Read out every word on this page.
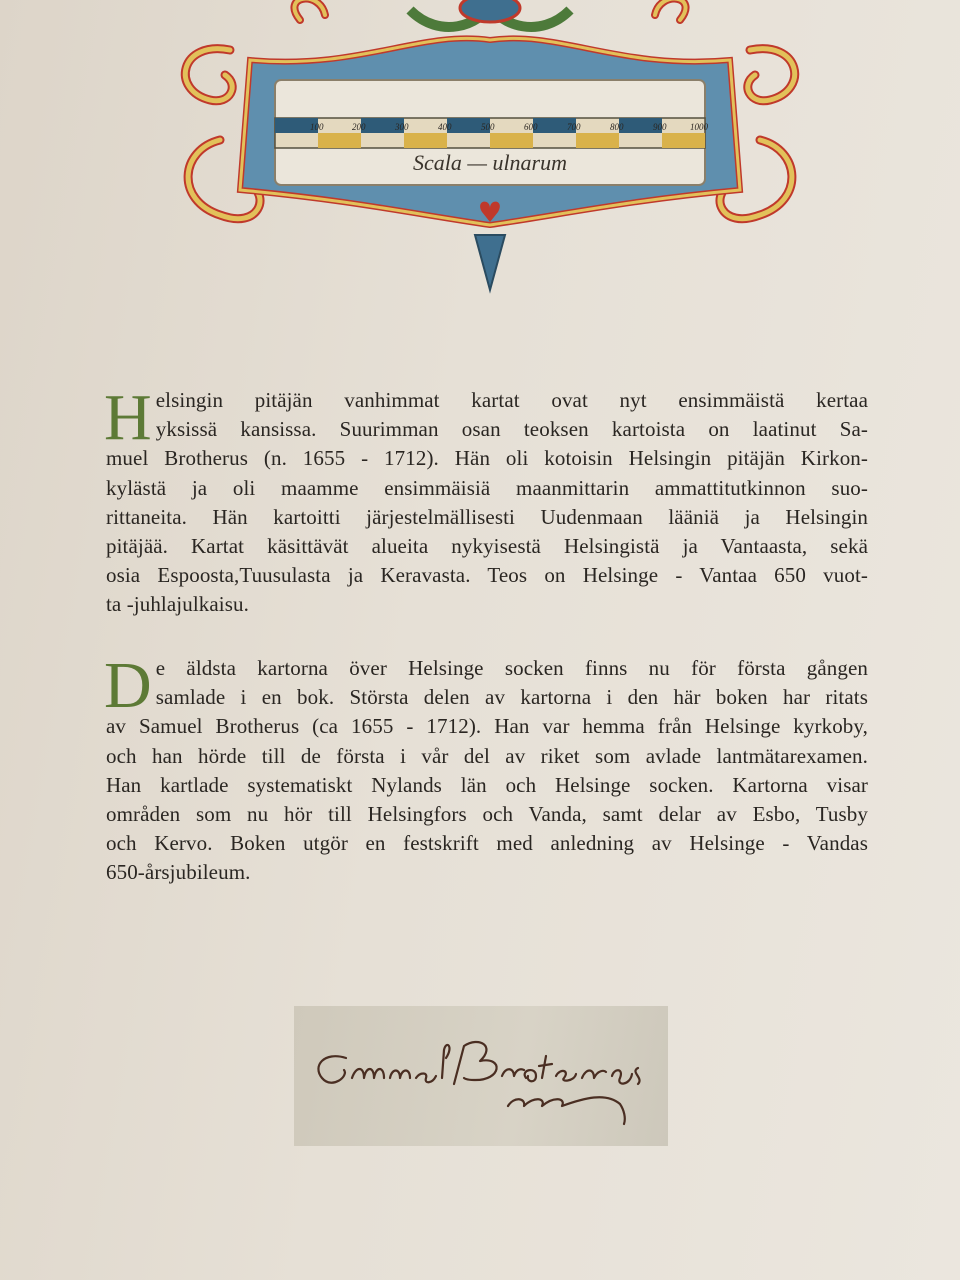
100	200	300	400	500	600	700	800	900	1000
Scala — ulnarum

H elsingin pitäjän vanhimmat kartat ovat nyt ensimmäistä kertaa
yksissä kansissa. Suurimman osan teoksen kartoista on laatinut Sa-
muel Brotherus (n. 1655 - 1712). Hän oli kotoisin Helsingin pitäjän Kirkon-
kylästä ja oli maamme ensimmäisiä maanmittarin ammattitutkinnon suo-
rittaneita. Hän kartoitti järjestelmällisesti Uudenmaan lääniä ja Helsingin
pitäjää. Kartat käsittävät alueita nykyisestä Helsingistä ja Vantaasta, sekä
osia Espoosta,Tuusulasta ja Keravasta. Teos on Helsinge - Vantaa 650 vuot-
ta -juhlajulkaisu.

D e äldsta kartorna över Helsinge socken finns nu för första gången
samlade i en bok. Största delen av kartorna i den här boken har ritats
av Samuel Brotherus (ca 1655 - 1712). Han var hemma från Helsinge kyrkoby,
och han hörde till de första i vår del av riket som avlade lantmätarexamen.
Han kartlade systematiskt Nylands län och Helsinge socken. Kartorna visar
områden som nu hör till Helsingfors och Vanda, samt delar av Esbo, Tusby
och Kervo. Boken utgör en festskrift med anledning av Helsinge - Vandas
650-årsjubileum.
